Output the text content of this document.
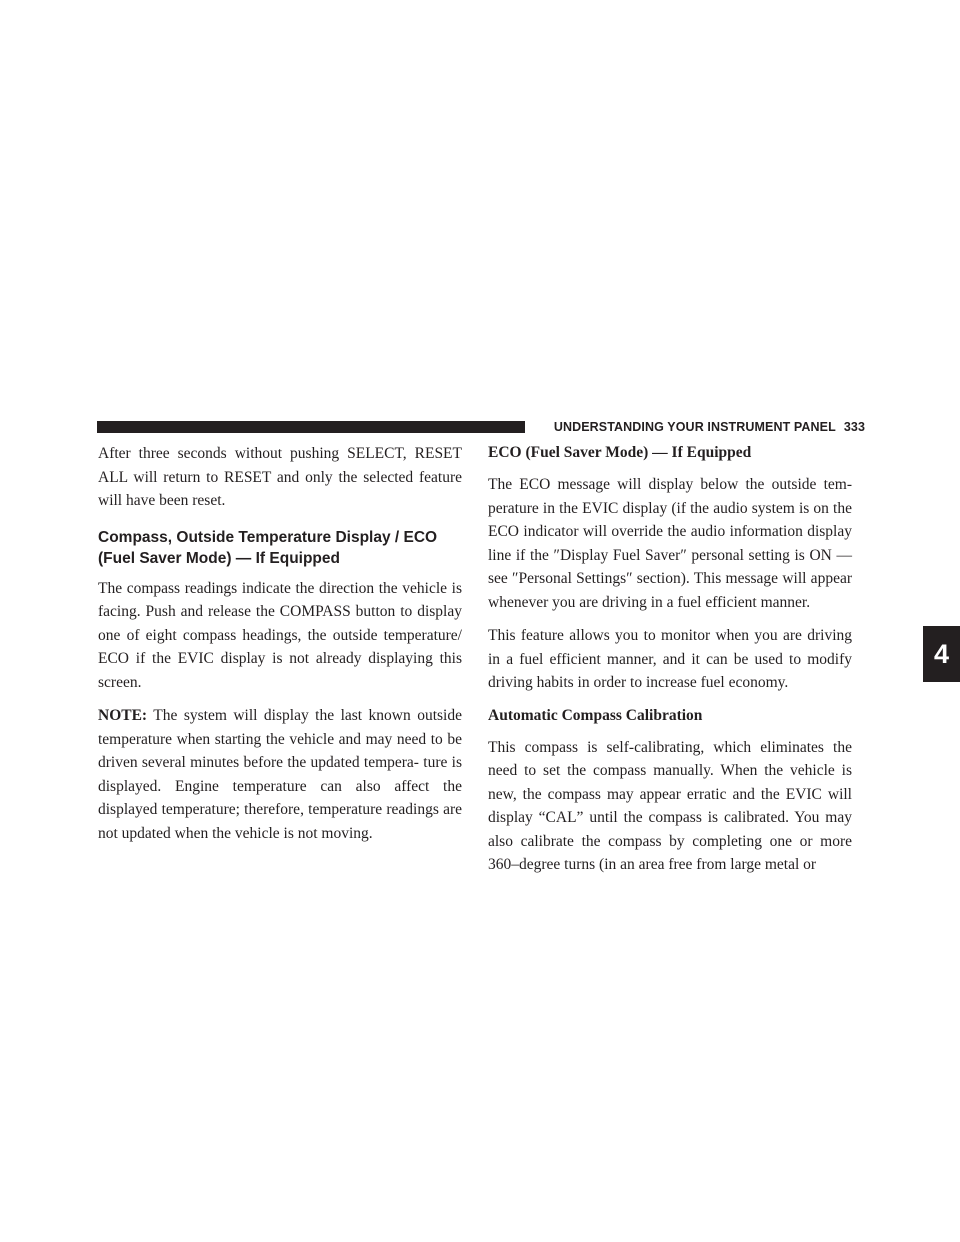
UNDERSTANDING YOUR INSTRUMENT PANEL 333
4

After three seconds without pushing SELECT, RESET ALL will return to RESET and only the selected feature will have been reset.

Compass, Outside Temperature Display / ECO (Fuel Saver Mode) — If Equipped

The compass readings indicate the direction the vehicle is facing. Push and release the COMPASS button to display one of eight compass headings, the outside temperature/ ECO if the EVIC display is not already displaying this screen.

NOTE: The system will display the last known outside temperature when starting the vehicle and may need to be driven several minutes before the updated tempera- ture is displayed. Engine temperature can also affect the displayed temperature; therefore, temperature readings are not updated when the vehicle is not moving.

ECO (Fuel Saver Mode) — If Equipped

The ECO message will display below the outside tem- perature in the EVIC display (if the audio system is on the ECO indicator will override the audio information display line if the ″Display Fuel Saver″ personal setting is ON — see ″Personal Settings″ section). This message will appear whenever you are driving in a fuel efficient manner.

This feature allows you to monitor when you are driving in a fuel efficient manner, and it can be used to modify driving habits in order to increase fuel economy.

Automatic Compass Calibration

This compass is self-calibrating, which eliminates the need to set the compass manually. When the vehicle is new, the compass may appear erratic and the EVIC will display “CAL” until the compass is calibrated. You may also calibrate the compass by completing one or more 360–degree turns (in an area free from large metal or
